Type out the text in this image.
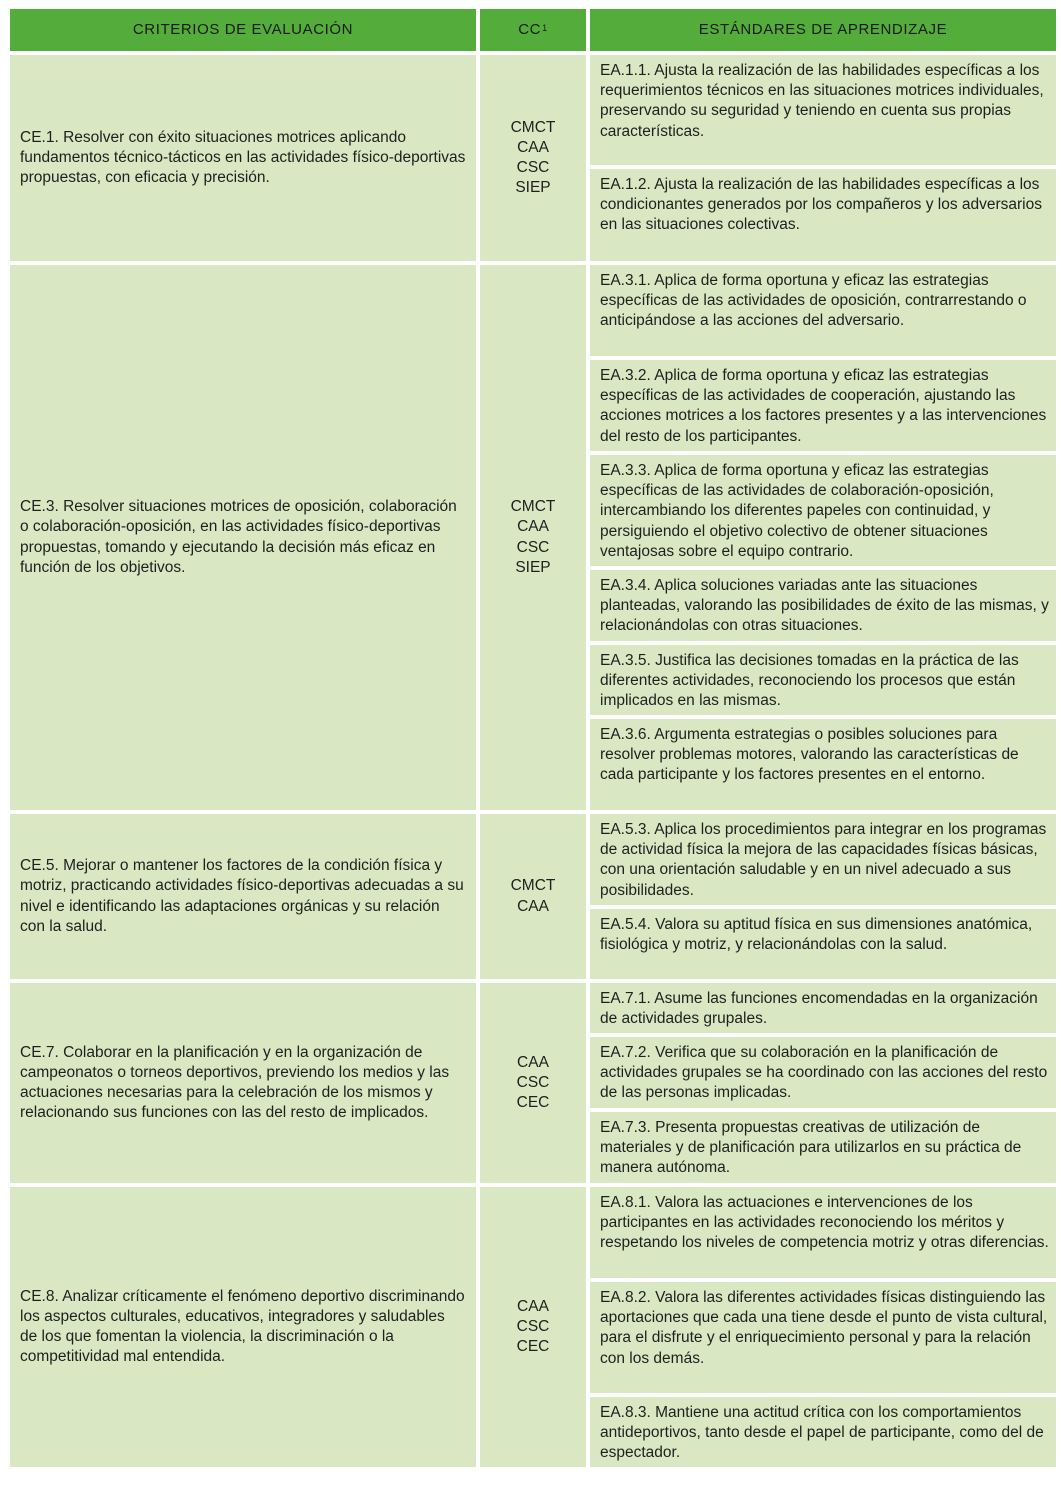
CRITERIOS DE EVALUACIÓN	$CC^1$	ESTÁNDARES DE APRENDIZAJE
CE.1. Resolver con éxito situaciones motrices aplicando fundamentos técnico-tácticos en las actividades físico-deportivas propuestas, con eficacia y precisión.
CMCT
CAA
CSC
SIEP
EA.1.1. Ajusta la realización de las habilidades específicas a los requerimientos técnicos en las situaciones motrices individuales, preservando su seguridad y teniendo en cuenta sus propias características.
EA.1.2. Ajusta la realización de las habilidades específicas a los condicionantes generados por los compañeros y los adversarios en las situaciones colectivas.
CE.3. Resolver situaciones motrices de oposición, colaboración o colaboración-oposición, en las actividades físico-deportivas propuestas, tomando y ejecutando la decisión más eficaz en función de los objetivos.
CMCT
CAA
CSC
SIEP
EA.3.1. Aplica de forma oportuna y eficaz las estrategias específicas de las actividades de oposición, contrarrestando o anticipándose a las acciones del adversario.
EA.3.2. Aplica de forma oportuna y eficaz las estrategias específicas de las actividades de cooperación, ajustando las acciones motrices a los factores presentes y a las intervenciones del resto de los participantes.
EA.3.3. Aplica de forma oportuna y eficaz las estrategias específicas de las actividades de colaboración-oposición, intercambiando los diferentes papeles con continuidad, y persiguiendo el objetivo colectivo de obtener situaciones ventajosas sobre el equipo contrario.
EA.3.4. Aplica soluciones variadas ante las situaciones planteadas, valorando las posibilidades de éxito de las mismas, y relacionándolas con otras situaciones.
EA.3.5. Justifica las decisiones tomadas en la práctica de las diferentes actividades, reconociendo los procesos que están implicados en las mismas.
EA.3.6. Argumenta estrategias o posibles soluciones para resolver problemas motores, valorando las características de cada participante y los factores presentes en el entorno.
CE.5. Mejorar o mantener los factores de la condición física y motriz, practicando actividades físico-deportivas adecuadas a su nivel e identificando las adaptaciones orgánicas y su relación con la salud.
CMCT
CAA
EA.5.3. Aplica los procedimientos para integrar en los programas de actividad física la mejora de las capacidades físicas básicas, con una orientación saludable y en un nivel adecuado a sus posibilidades.
EA.5.4. Valora su aptitud física en sus dimensiones anatómica, fisiológica y motriz, y relacionándolas con la salud.
CE.7. Colaborar en la planificación y en la organización de campeonatos o torneos deportivos, previendo los medios y las actuaciones necesarias para la celebración de los mismos y relacionando sus funciones con las del resto de implicados.
CAA
CSC
CEC
EA.7.1. Asume las funciones encomendadas en la organización de actividades grupales.
EA.7.2. Verifica que su colaboración en la planificación de actividades grupales se ha coordinado con las acciones del resto de las personas implicadas.
EA.7.3. Presenta propuestas creativas de utilización de materiales y de planificación para utilizarlos en su práctica de manera autónoma.
CE.8. Analizar críticamente el fenómeno deportivo discriminando los aspectos culturales, educativos, integradores y saludables de los que fomentan la violencia, la discriminación o la competitividad mal entendida.
CAA
CSC
CEC
EA.8.1. Valora las actuaciones e intervenciones de los participantes en las actividades reconociendo los méritos y respetando los niveles de competencia motriz y otras diferencias.
EA.8.2. Valora las diferentes actividades físicas distinguiendo las aportaciones que cada una tiene desde el punto de vista cultural, para el disfrute y el enriquecimiento personal y para la relación con los demás.
EA.8.3. Mantiene una actitud crítica con los comportamientos antideportivos, tanto desde el papel de participante, como del de espectador.
